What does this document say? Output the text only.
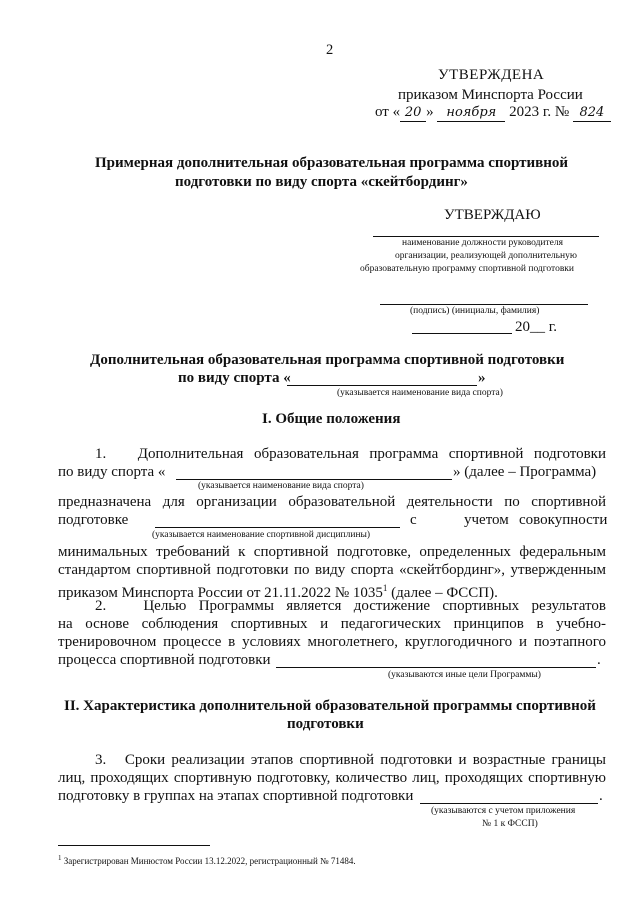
2
УТВЕРЖДЕНА
приказом Минспорта России
от « 20 » ноября 2023 г. № 824
Примерная дополнительная образовательная программа спортивной
подготовки по виду спорта «скейтбординг»
УТВЕРЖДАЮ
наименование должности руководителя
организации, реализующей дополнительную
образовательную программу спортивной подготовки
(подпись) (инициалы, фамилия)
20__ г.
Дополнительная образовательная программа спортивной подготовки
по виду спорта «	»
(указывается наименование вида спорта)
I. Общие положения
1.   Дополнительная образовательная программа спортивной подготовки
по виду спорта «	» (далее – Программа)
(указывается наименование вида спорта)
предназначена для организации образовательной деятельности по спортивной
подготовке	с	учетом совокупности
(указывается наименование спортивной дисциплины)
минимальных требований к спортивной подготовке, определенных федеральным
стандартом спортивной подготовки по виду спорта «скейтбординг», утвержденным
приказом Минспорта России от 21.11.2022 № 1035$^1$ (далее – ФССП).
2.   Целью Программы является достижение спортивных результатов
на основе соблюдения спортивных и педагогических принципов в учебно-
тренировочном процессе в условиях многолетнего, круглогодичного и поэтапного
процесса спортивной подготовки	.
(указываются иные цели Программы)
II. Характеристика дополнительной образовательной программы спортивной
подготовки
3.   Сроки реализации этапов спортивной подготовки и возрастные границы
лиц, проходящих спортивную подготовку, количество лиц, проходящих спортивную
подготовку в группах на этапах спортивной подготовки	.
(указываются с учетом приложения
№ 1 к ФССП)
$^1$ Зарегистрирован Минюстом России 13.12.2022, регистрационный № 71484.
